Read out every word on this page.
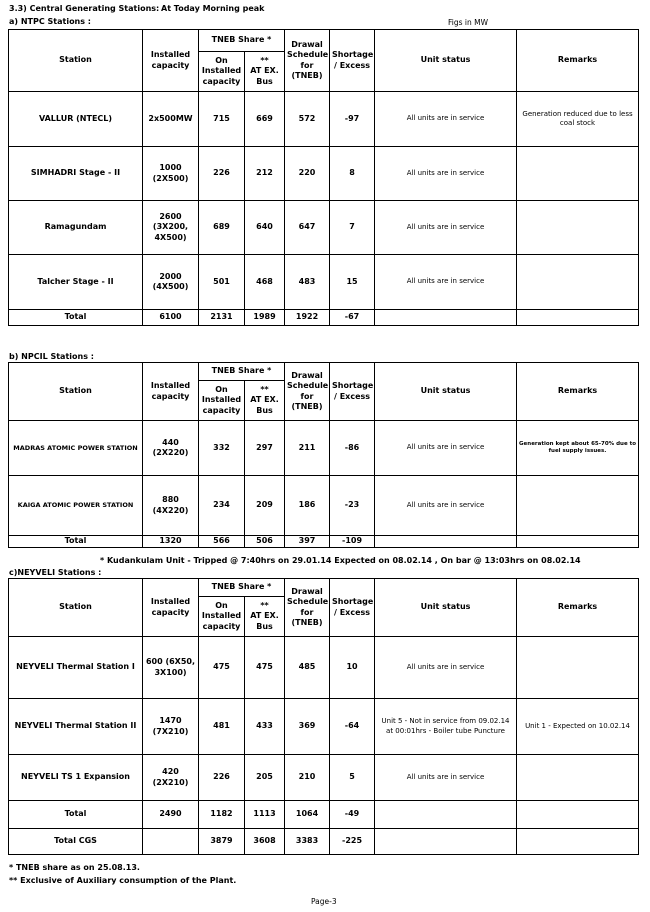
3.3) Central Generating Stations: At Today Morning peak
a) NTPC Stations :	Figs in MW
Station	Installed capacity	TNEB Share *		Drawal Schedule for (TNEB)	Shortage / Excess	Unit status	Remarks
		On Installed capacity	**
AT EX. Bus				
VALLUR (NTECL)	2x500MW	715	669	572	-97	All units are in service	Generation reduced due to less coal stock
SIMHADRI Stage - II	1000 (2X500)	226	212	220	8	All units are in service	
Ramagundam	2600 (3X200, 4X500)	689	640	647	7	All units are in service	
Talcher Stage - II	2000 (4X500)	501	468	483	15	All units are in service	
Total	6100	2131	1989	1922	-67		
b) NPCIL Stations :
Station	Installed capacity	TNEB Share *		Drawal Schedule for (TNEB)	Shortage / Excess	Unit status	Remarks
		On Installed capacity	**
AT EX. Bus				
MADRAS ATOMIC POWER STATION	440 (2X220)	332	297	211	-86	All units are in service	Generation kept about 65-70% due to fuel supply issues.
KAIGA ATOMIC POWER STATION	880 (4X220)	234	209	186	-23	All units are in service	
Total	1320	566	506	397	-109		
* Kudankulam Unit - Tripped @ 7:40hrs on 29.01.14 Expected on 08.02.14 , On bar @ 13:03hrs on 08.02.14
c)NEYVELI Stations :
Station	Installed capacity	TNEB Share *		Drawal Schedule for (TNEB)	Shortage / Excess	Unit status	Remarks
		On Installed capacity	**
AT EX. Bus				
NEYVELI Thermal Station I	600 (6X50, 3X100)	475	475	485	10	All units are in service	
NEYVELI Thermal Station II	1470 (7X210)	481	433	369	-64	Unit 5 - Not in service from 09.02.14 at 00:01hrs - Boiler tube Puncture	Unit 1 - Expected on 10.02.14
NEYVELI TS 1 Expansion	420 (2X210)	226	205	210	5	All units are in service	
Total	2490	1182	1113	1064	-49		
Total CGS		3879	3608	3383	-225		
* TNEB share as on 25.08.13.
** Exclusive of Auxiliary consumption of the Plant.
Page-3
